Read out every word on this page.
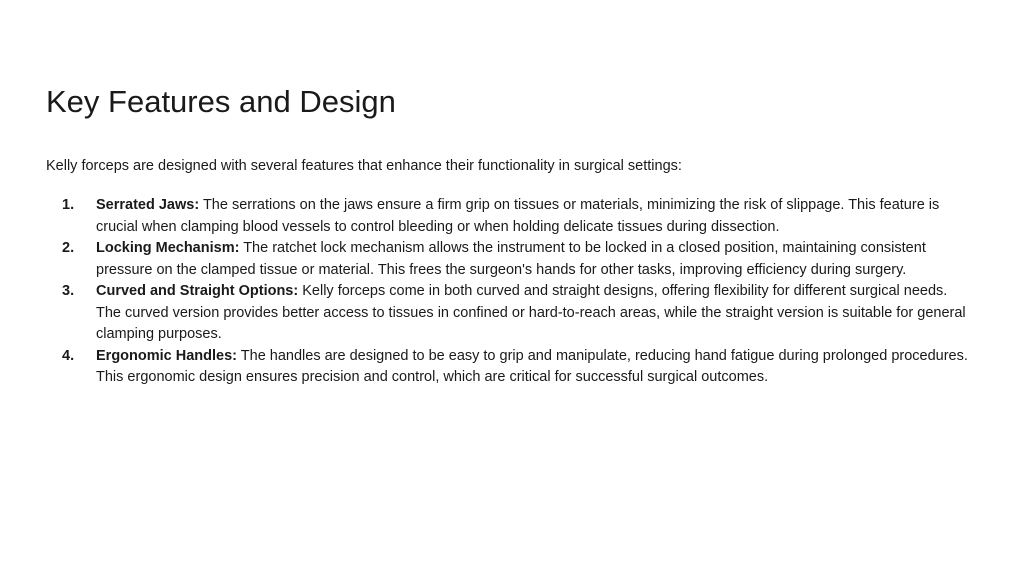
Key Features and Design

Kelly forceps are designed with several features that enhance their functionality in surgical settings:

1. Serrated Jaws: The serrations on the jaws ensure a firm grip on tissues or materials, minimizing the risk of slippage. This feature is crucial when clamping blood vessels to control bleeding or when holding delicate tissues during dissection.
2. Locking Mechanism: The ratchet lock mechanism allows the instrument to be locked in a closed position, maintaining consistent pressure on the clamped tissue or material. This frees the surgeon's hands for other tasks, improving efficiency during surgery.
3. Curved and Straight Options: Kelly forceps come in both curved and straight designs, offering flexibility for different surgical needs. The curved version provides better access to tissues in confined or hard-to-reach areas, while the straight version is suitable for general clamping purposes.
4. Ergonomic Handles: The handles are designed to be easy to grip and manipulate, reducing hand fatigue during prolonged procedures. This ergonomic design ensures precision and control, which are critical for successful surgical outcomes.
